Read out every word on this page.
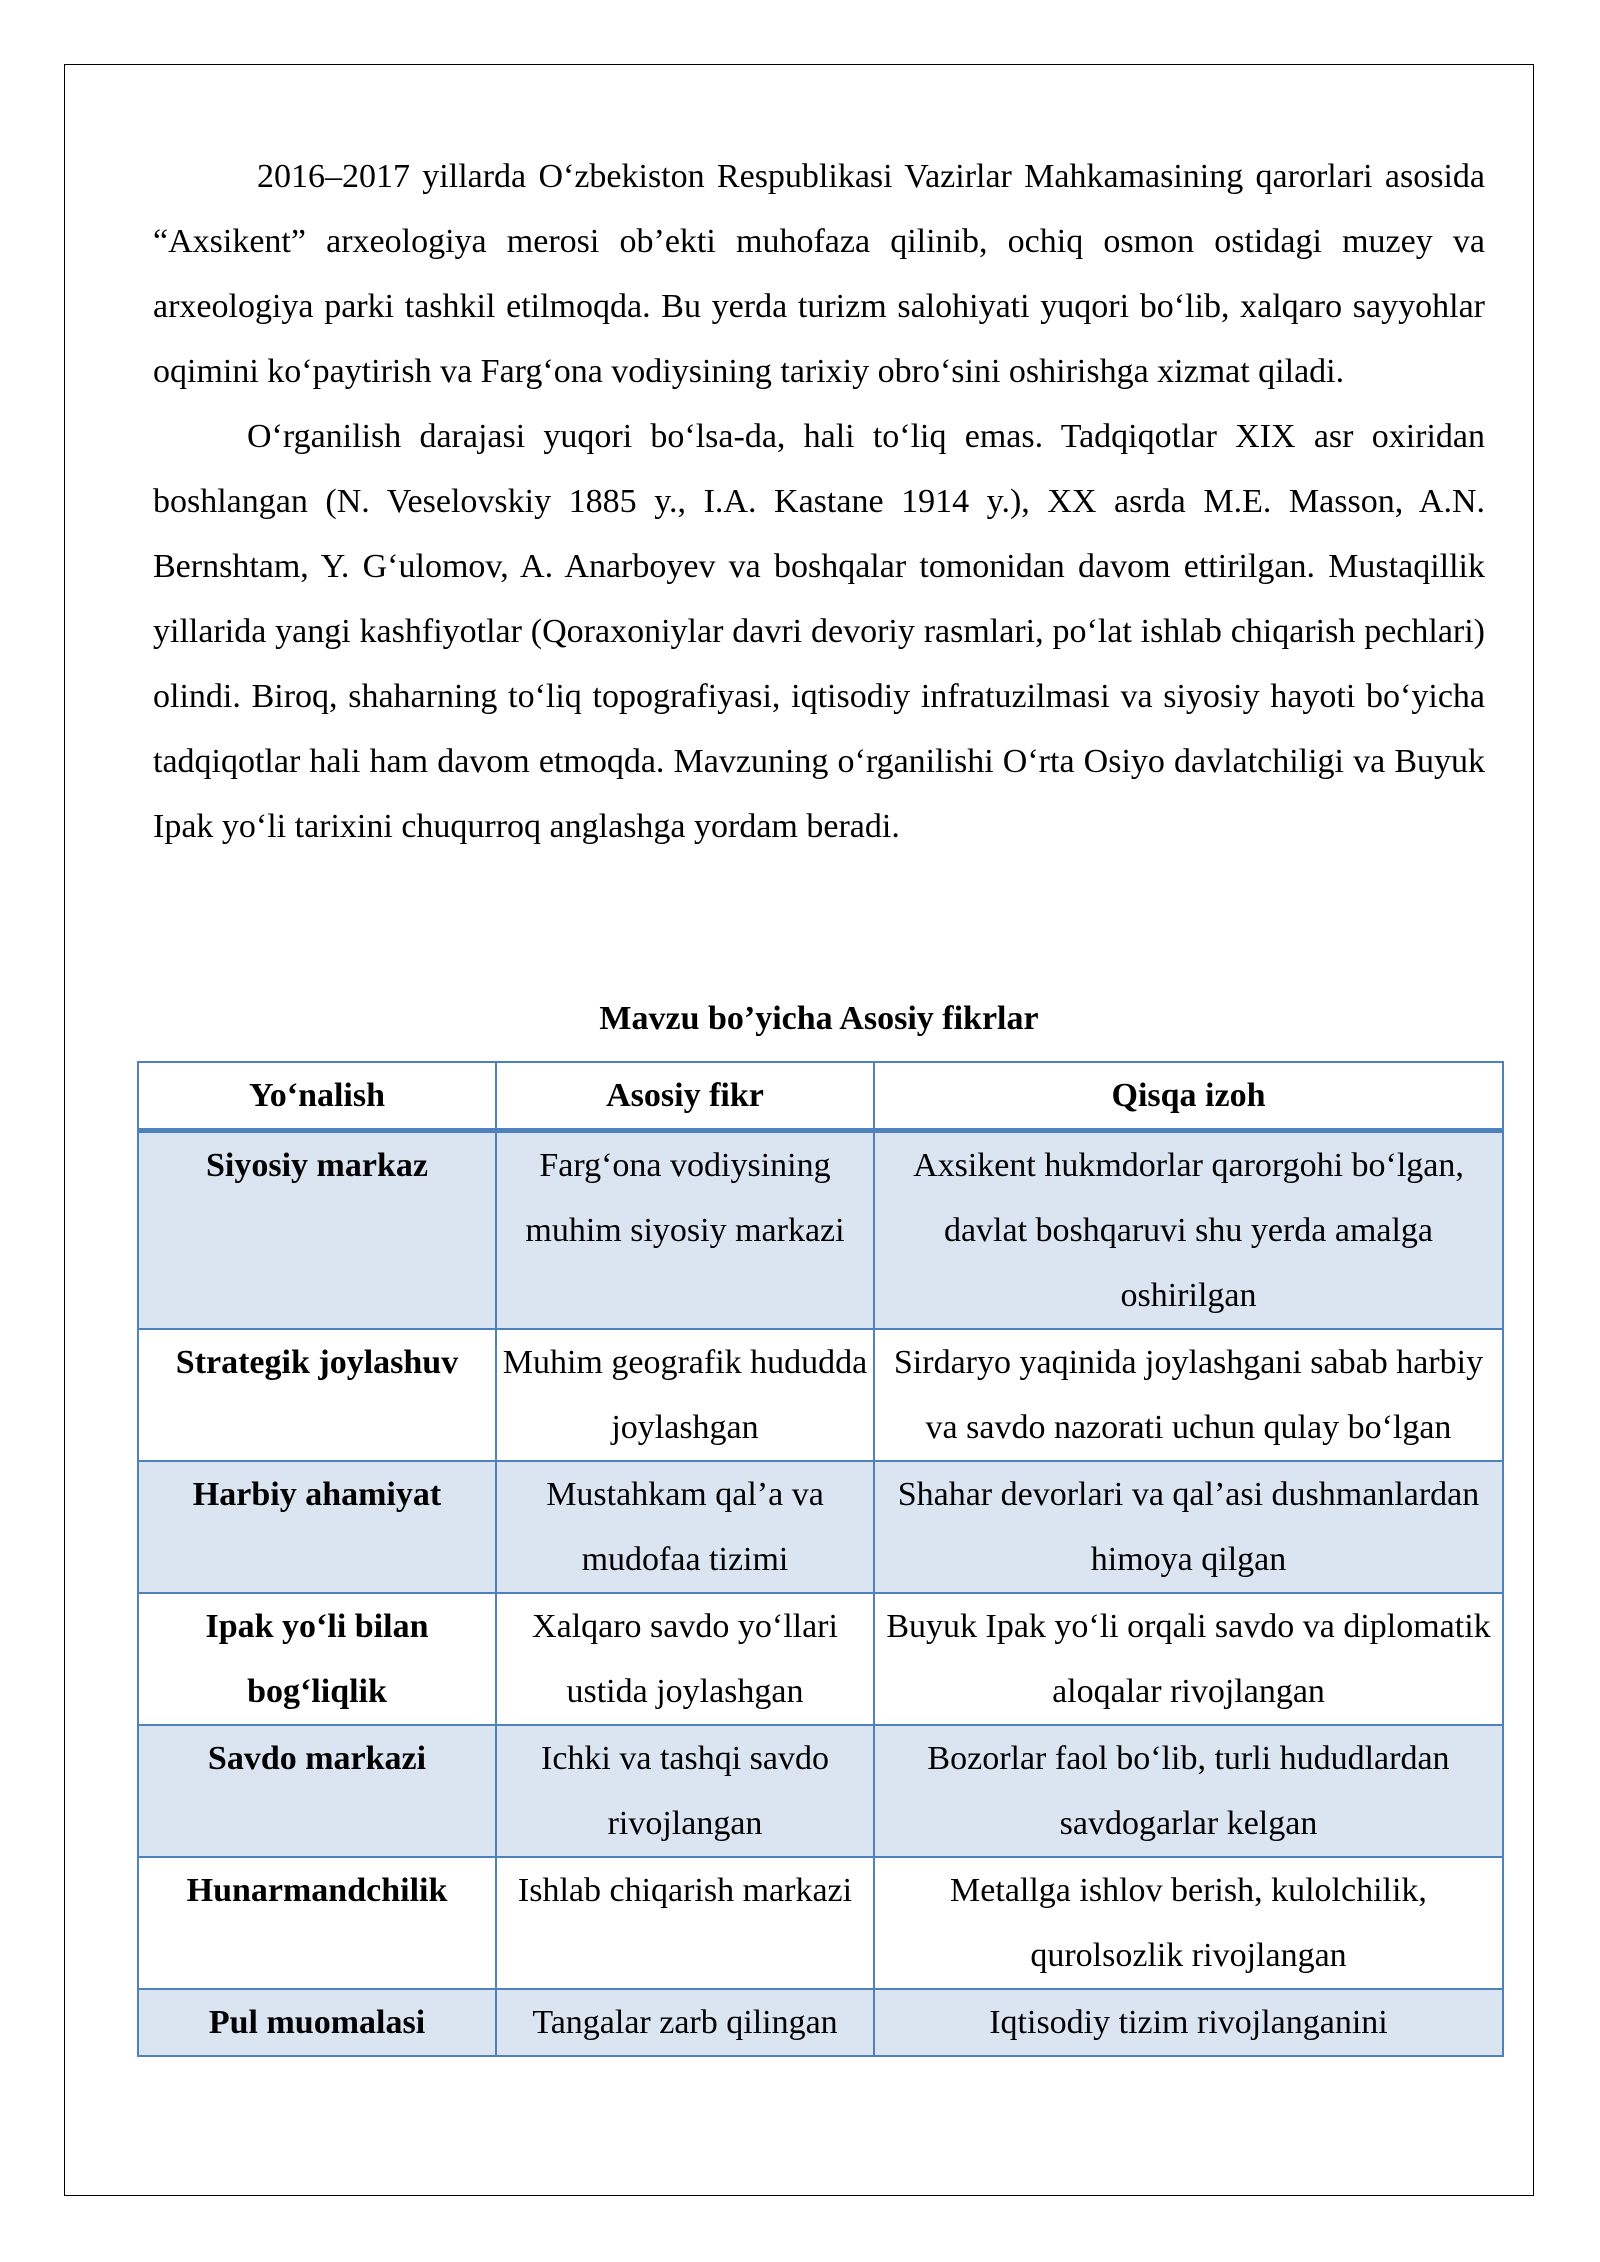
2016–2017 yillarda O‘zbekiston Respublikasi Vazirlar Mahkamasining qarorlari asosida “Axsikent” arxeologiya merosi ob’ekti muhofaza qilinib, ochiq osmon ostidagi muzey va arxeologiya parki tashkil etilmoqda. Bu yerda turizm salohiyati yuqori bo‘lib, xalqaro sayyohlar oqimini ko‘paytirish va Farg‘ona vodiysining tarixiy obro‘sini oshirishga xizmat qiladi.

O‘rganilish darajasi yuqori bo‘lsa-da, hali to‘liq emas. Tadqiqotlar XIX asr oxiridan boshlangan (N. Veselovskiy 1885 y., I.A. Kastane 1914 y.), XX asrda M.E. Masson, A.N. Bernshtam, Y. G‘ulomov, A. Anarboyev va boshqalar tomonidan davom ettirilgan. Mustaqillik yillarida yangi kashfiyotlar (Qoraxoniylar davri devoriy rasmlari, po‘lat ishlab chiqarish pechlari) olindi. Biroq, shaharning to‘liq topografiyasi, iqtisodiy infratuzilmasi va siyosiy hayoti bo‘yicha tadqiqotlar hali ham davom etmoqda. Mavzuning o‘rganilishi O‘rta Osiyo davlatchiligi va Buyuk Ipak yo‘li tarixini chuqurroq anglashga yordam beradi.

Mavzu bo’yicha Asosiy fikrlar
Yo‘nalish	Asosiy fikr	Qisqa izoh
Siyosiy markaz	Farg‘ona vodiysining muhim siyosiy markazi	Axsikent hukmdorlar qarorgohi bo‘lgan, davlat boshqaruvi shu yerda amalga oshirilgan
Strategik joylashuv	Muhim geografik hududda joylashgan	Sirdaryo yaqinida joylashgani sabab harbiy va savdo nazorati uchun qulay bo‘lgan
Harbiy ahamiyat	Mustahkam qal’a va mudofaa tizimi	Shahar devorlari va qal’asi dushmanlardan himoya qilgan
Ipak yo‘li bilan bog‘liqlik	Xalqaro savdo yo‘llari ustida joylashgan	Buyuk Ipak yo‘li orqali savdo va diplomatik aloqalar rivojlangan
Savdo markazi	Ichki va tashqi savdo rivojlangan	Bozorlar faol bo‘lib, turli hududlardan savdogarlar kelgan
Hunarmandchilik	Ishlab chiqarish markazi	Metallga ishlov berish, kulolchilik, qurolsozlik rivojlangan
Pul muomalasi	Tangalar zarb qilingan	Iqtisodiy tizim rivojlanganini
